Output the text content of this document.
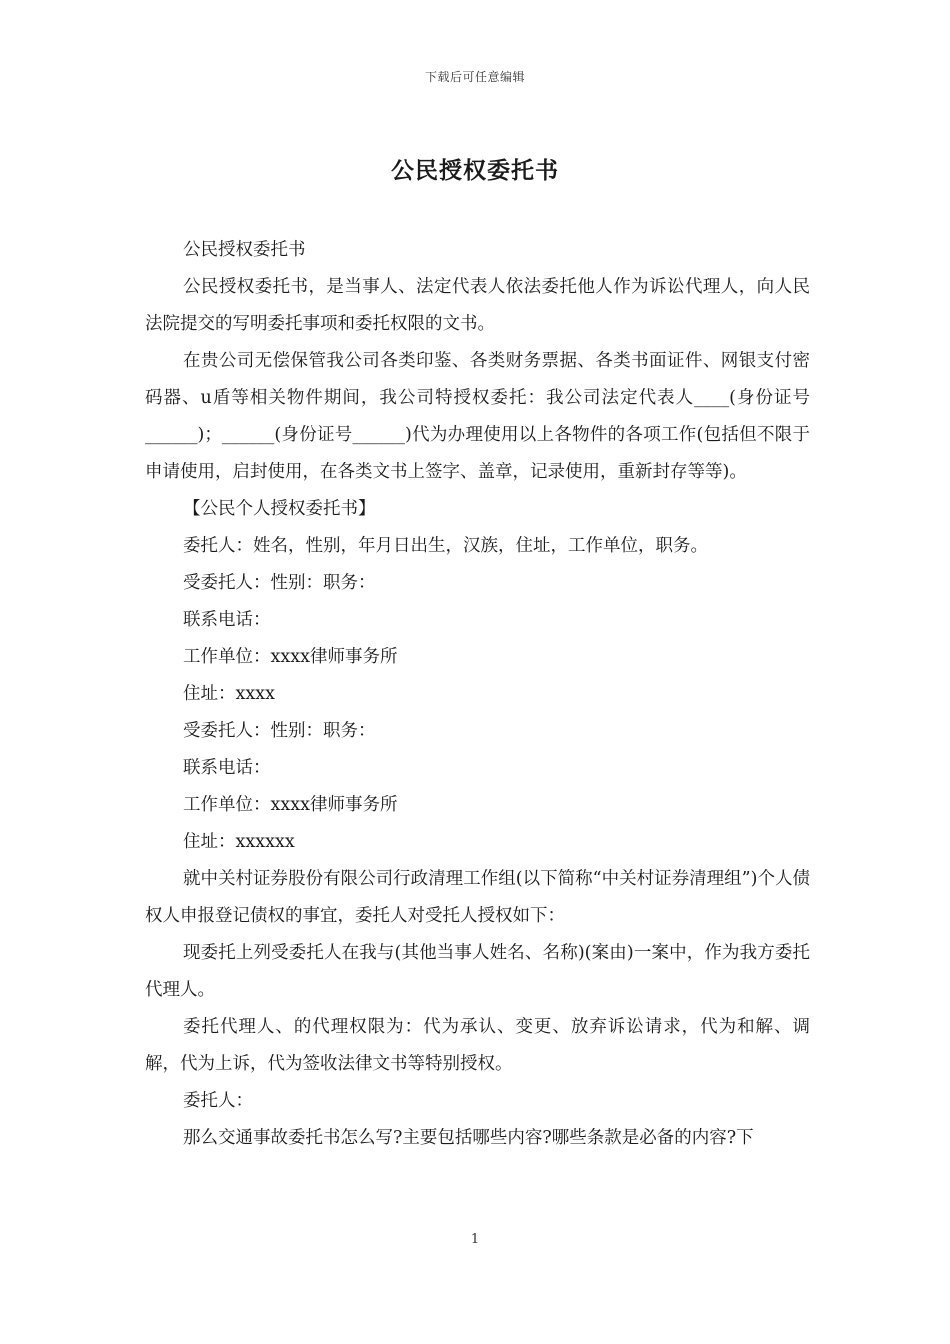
下载后可任意编辑
公民授权委托书

公民授权委托书

公民授权委托书，是当事人、法定代表人依法委托他人作为诉讼代理人，向人民法院提交的写明委托事项和委托权限的文书。

在贵公司无偿保管我公司各类印鉴、各类财务票据、各类书面证件、网银支付密码器、u盾等相关物件期间，我公司特授权委托：我公司法定代表人____(身份证号______)；______(身份证号______)代为办理使用以上各物件的各项工作(包括但不限于申请使用，启封使用，在各类文书上签字、盖章，记录使用，重新封存等等)。

【公民个人授权委托书】

委托人：姓名，性别，年月日出生，汉族，住址，工作单位，职务。

受委托人：性别：职务：

联系电话：

工作单位：xxxx律师事务所

住址：xxxx

受委托人：性别：职务：

联系电话：

工作单位：xxxx律师事务所

住址：xxxxxx

就中关村证券股份有限公司行政清理工作组(以下简称“中关村证券清理组”)个人债权人申报登记债权的事宜，委托人对受托人授权如下：

现委托上列受委托人在我与(其他当事人姓名、名称)(案由)一案中，作为我方委托代理人。

委托代理人、的代理权限为：代为承认、变更、放弃诉讼请求，代为和解、调解，代为上诉，代为签收法律文书等特别授权。

委托人：

那么交通事故委托书怎么写?主要包括哪些内容?哪些条款是必备的内容?下

1
